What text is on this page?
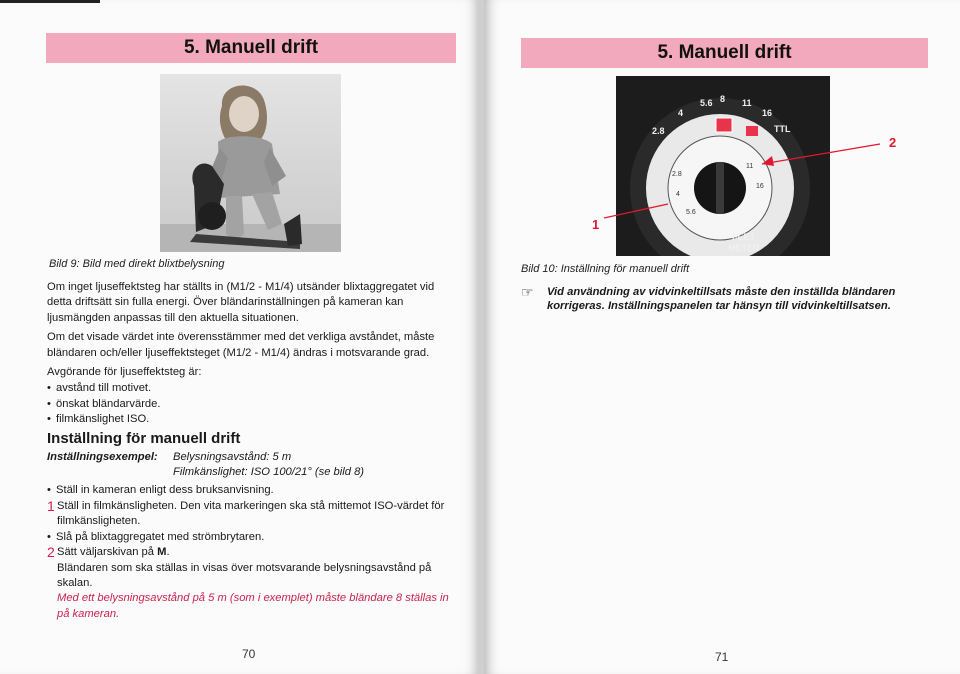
5. Manuell drift
Bild 9: Bild med direkt blixtbelysning

Om inget ljuseffektsteg har ställts in (M1/2 - M1/4) utsänder blixtaggregatet vid detta driftsätt sin fulla energi. Över bländarinställningen på kameran kan ljusmängden anpassas till den aktuella situationen.

Om det visade värdet inte överensstämmer med det verkliga avståndet, måste bländaren och/eller ljuseffektsteget (M1/2 - M1/4) ändras i motsvarande grad.

Avgörande för ljuseffektsteg är:

• avstånd till motivet.
• önskat bländarvärde.
• filmkänslighet ISO.
Inställning för manuell drift
Inställningsexempel:	Belysningsavstånd: 5 m
Filmkänslighet: ISO 100/21° (se bild 8)
• Ställ in kameran enligt dess bruksanvisning.
1 Ställ in filmkänsligheten. Den vita markeringen ska stå mittemot ISO-värdet för filmkänsligheten.
• Slå på blixtaggregatet med strömbrytaren.
2 Sätt väljarskivan på M.
Bländaren som ska ställas in visas över motsvarande belysningsavstånd på skalan.
Med ett belysningsavstånd på 5 m (som i exemplet) måste bländare 8 ställas in på kameran.
70
5. Manuell drift
71
2.8
4
5.6 8 11
16
TTL
FEET
METER
2.8
4
5.6
11
16
1
2
Bild 10: Inställning för manuell drift
☞	Vid användning av vidvinkeltillsats måste den inställda bländaren korrigeras. Inställningspanelen tar hänsyn till vidvinkeltillsatsen.
